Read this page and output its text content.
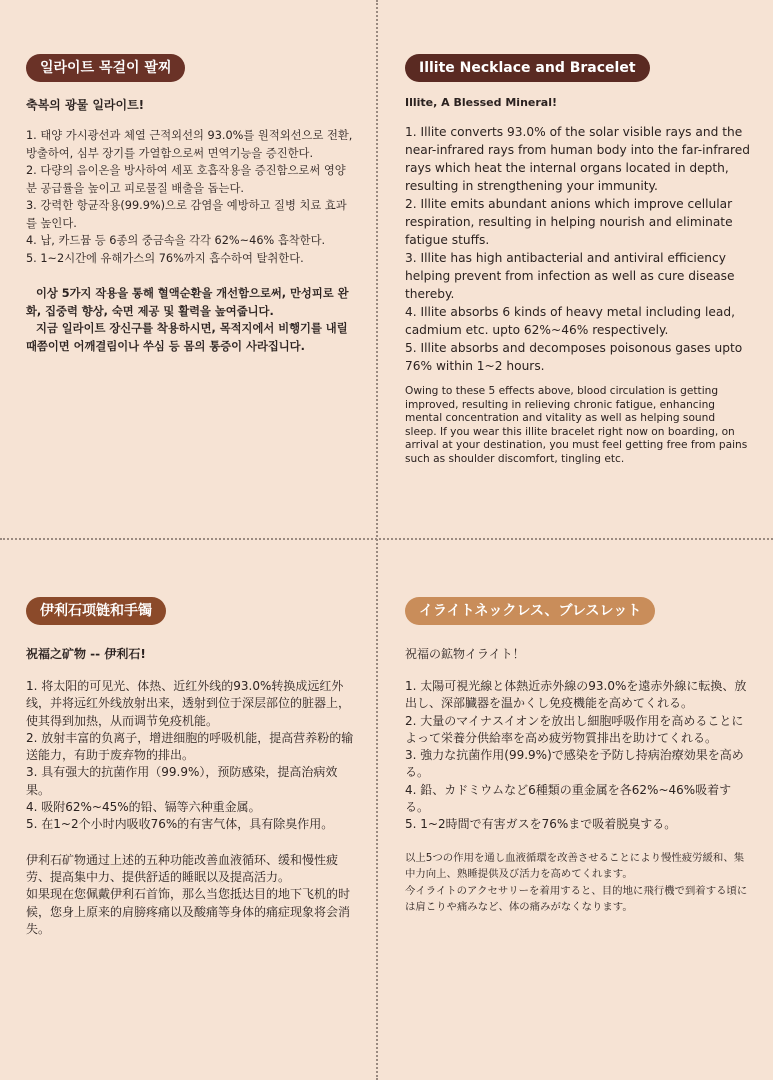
일라이트 목걸이 팔찌

축복의 광물 일라이트!

1. 태양 가시광선과 체열 근적외선의 93.0%를 원적외선으로 전환, 방출하여, 심부 장기를 가열함으로써 면역기능을 증진한다.

2. 다량의 음이온을 방사하여 세포 호흡작용을 증진함으로써 영양분 공급률을 높이고 피로물질 배출을 돕는다.

3. 강력한 항균작용(99.9%)으로 감염을 예방하고 질병 치료 효과를 높인다.

4. 납, 카드뮴 등 6종의 중금속을 각각 62%~46% 흡착한다.

5. 1~2시간에 유해가스의 76%까지 흡수하여 탈취한다.

이상 5가지 작용을 통해 혈액순환을 개선함으로써, 만성피로 완화, 집중력 향상, 숙면 제공 및 활력을 높여줍니다.

지금 일라이트 장신구를 착용하시면, 목적지에서 비행기를 내릴 때쯤이면 어깨결림이나 쑤심 등 몸의 통증이 사라집니다.

Illite Necklace and Bracelet

Illite, A Blessed Mineral!

1. Illite converts 93.0% of the solar visible rays and the near-infrared rays from human body into the far-infrared rays which heat the internal organs located in depth, resulting in strengthening your immunity.

2. Illite emits abundant anions which improve cellular respiration, resulting in helping nourish and eliminate fatigue stuffs.

3. Illite has high antibacterial and antiviral efficiency helping prevent from infection as well as cure disease thereby.

4. Illite absorbs 6 kinds of heavy metal including lead, cadmium etc. upto 62%~46% respectively.

5. Illite absorbs and decomposes poisonous gases upto 76% within 1~2 hours.

Owing to these 5 effects above, blood circulation is getting improved, resulting in relieving chronic fatigue, enhancing mental concentration and vitality as well as helping sound sleep. If you wear this illite bracelet right now on boarding, on arrival at your destination, you must feel getting free from pains such as shoulder discomfort, tingling etc.

伊利石项链和手镯

祝福之矿物 -- 伊利石!

1. 将太阳的可见光、体热、近红外线的93.0%转换成远红外线，并将远红外线放射出来，透射到位于深层部位的脏器上，使其得到加热，从而调节免疫机能。

2. 放射丰富的负离子，增进细胞的呼吸机能，提高营养粉的输送能力，有助于废弃物的排出。

3. 具有强大的抗菌作用（99.9%），预防感染，提高治病效果。

4. 吸附62%~45%的铅、镉等六种重金属。

5. 在1~2个小时内吸收76%的有害气体，具有除臭作用。

伊利石矿物通过上述的五种功能改善血液循环、缓和慢性疲劳、提高集中力、提供舒适的睡眠以及提高活力。

如果现在您佩戴伊利石首饰，那么当您抵达目的地下飞机的时候，您身上原来的肩膀疼痛以及酸痛等身体的痛症现象将会消失。

イライトネックレス、ブレスレット

祝福の鉱物イライト！

1. 太陽可視光線と体熱近赤外線の93.0%を遠赤外線に転換、放出し、深部臓器を温かくし免疫機能を高めてくれる。

2. 大量のマイナスイオンを放出し細胞呼吸作用を高めることによって栄養分供給率を高め疲労物質排出を助けてくれる。

3. 強力な抗菌作用(99.9%)で感染を予防し持病治療効果を高める。

4. 鉛、カドミウムなど6種類の重金属を各62%~46%吸着する。

5. 1~2時間で有害ガスを76%まで吸着脱臭する。

以上5つの作用を通し血液循環を改善させることにより慢性疲労緩和、集中力向上、熟睡提供及び活力を高めてくれます。

今イライトのアクセサリーを着用すると、目的地に飛行機で到着する頃には肩こりや痛みなど、体の痛みがなくなります。
